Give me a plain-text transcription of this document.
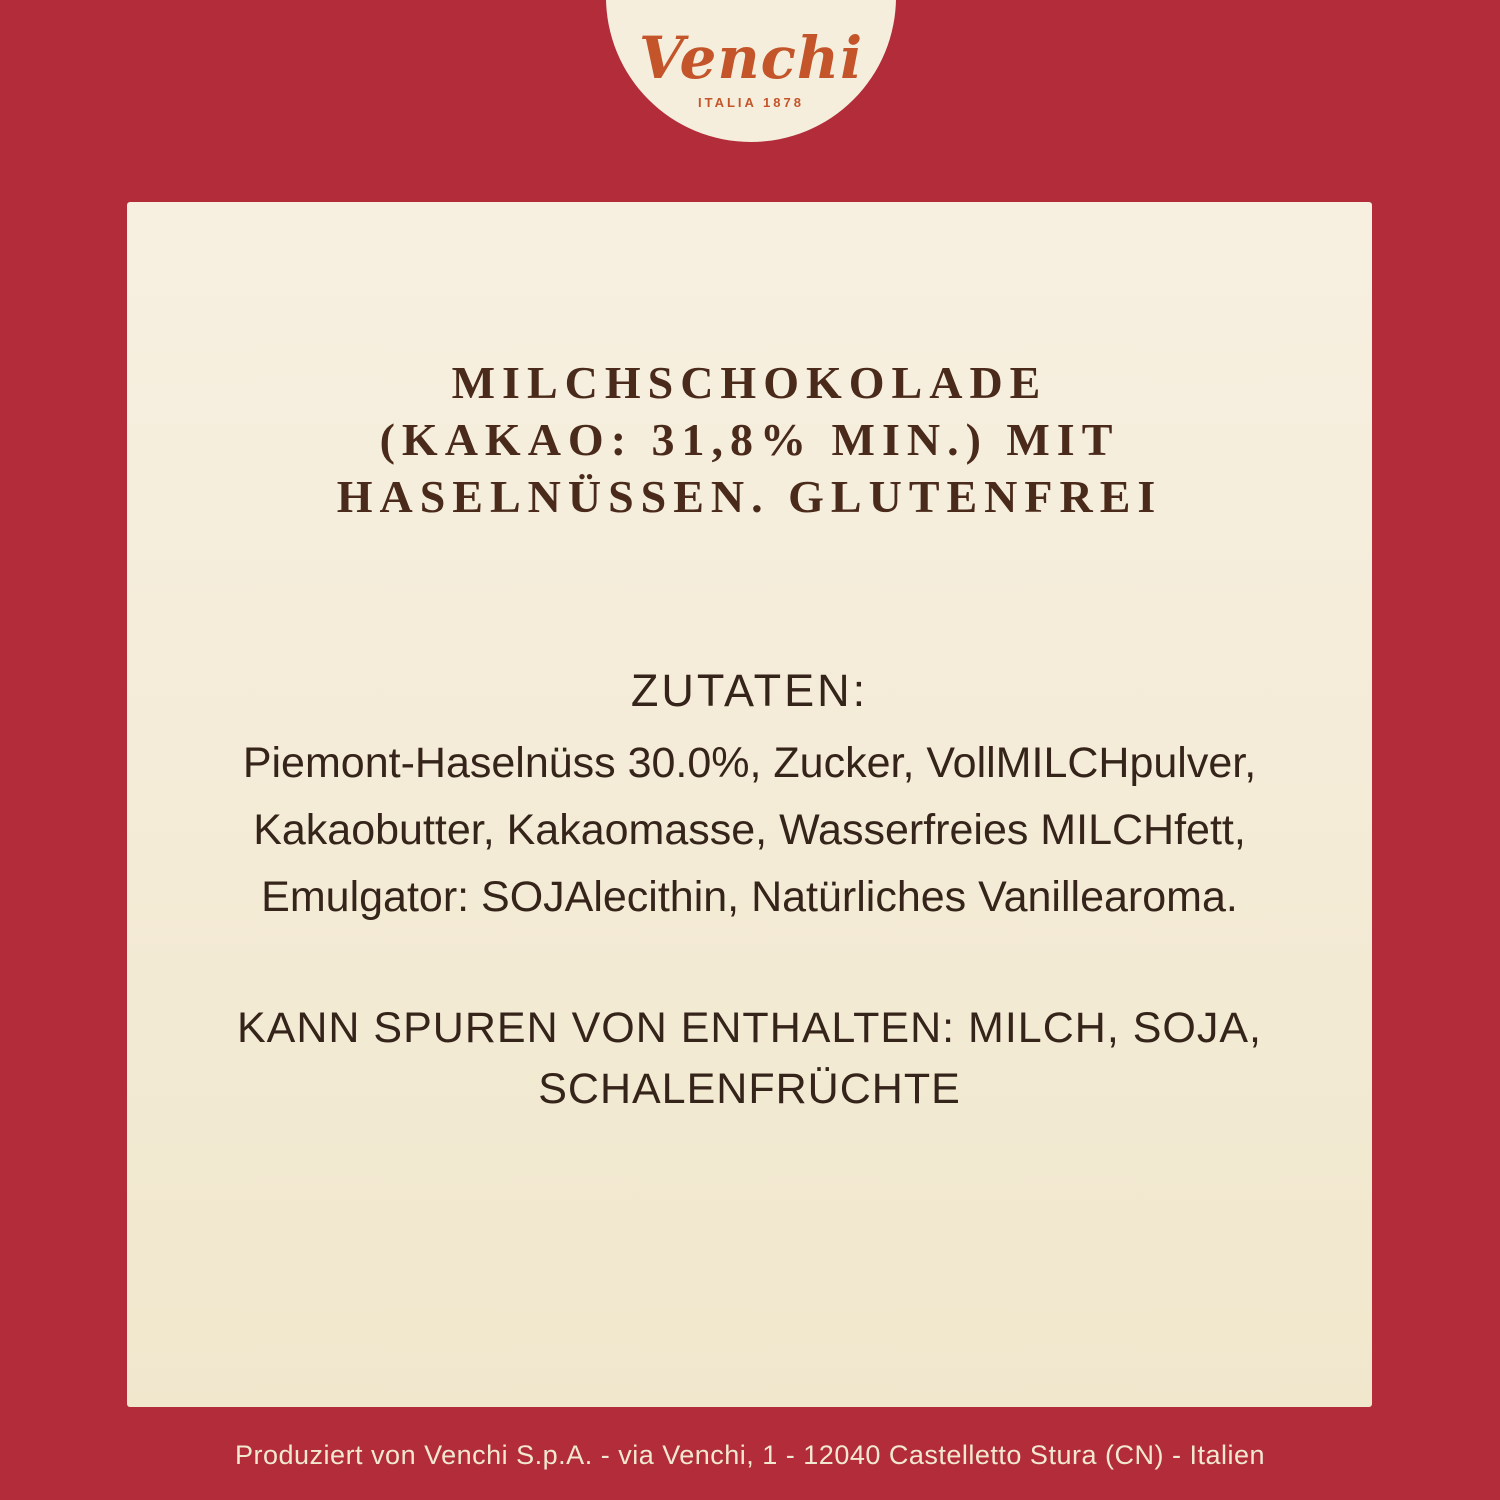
Venchi
ITALIA 1878
MILCHSCHOKOLADE
(KAKAO: 31,8% MIN.) MIT
HASELNÜSSEN. GLUTENFREI
ZUTATEN:
Piemont-Haselnüss 30.0%, Zucker, VollMILCHpulver,
Kakaobutter, Kakaomasse, Wasserfreies MILCHfett,
Emulgator: SOJAlecithin, Natürliches Vanillearoma.
KANN SPUREN VON ENTHALTEN: MILCH, SOJA,
SCHALENFRÜCHTE
Produziert von Venchi S.p.A. - via Venchi, 1 - 12040 Castelletto Stura (CN) - Italien
